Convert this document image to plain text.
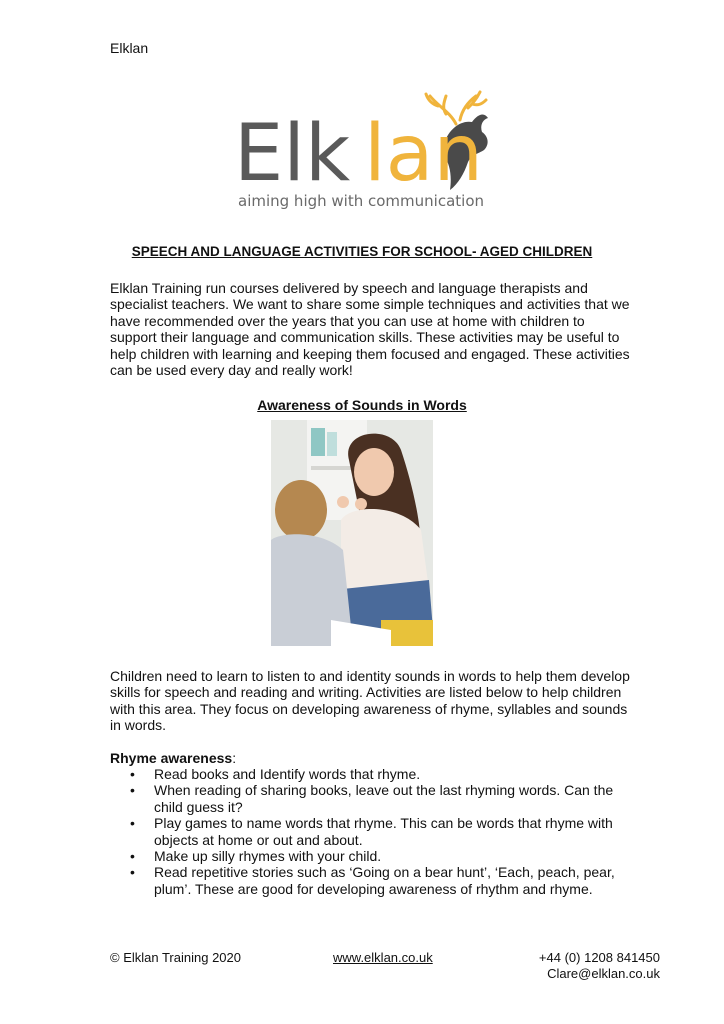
Elklan
Elk lan
aiming high with communication
SPEECH AND LANGUAGE ACTIVITIES FOR SCHOOL- AGED CHILDREN
Elklan Training run courses delivered by speech and language therapists and specialist teachers. We want to share some simple techniques and activities that we have recommended over the years that you can use at home with children to support their language and communication skills. These activities may be useful to help children with learning and keeping them focused and engaged. These activities can be used every day and really work!
Awareness of Sounds in Words
Children need to learn to listen to and identity sounds in words to help them develop skills for speech and reading and writing. Activities are listed below to help children with this area. They focus on developing awareness of rhyme, syllables and sounds in words.
Rhyme awareness:
• Read books and Identify words that rhyme.
• When reading of sharing books, leave out the last rhyming words. Can the child guess it?
• Play games to name words that rhyme. This can be words that rhyme with objects at home or out and about.
• Make up silly rhymes with your child.
• Read repetitive stories such as ‘Going on a bear hunt’, ‘Each, peach, pear, plum’. These are good for developing awareness of rhythm and rhyme.
© Elklan Training 2020	www.elklan.co.uk	+44 (0) 1208 841450
Clare@elklan.co.uk
